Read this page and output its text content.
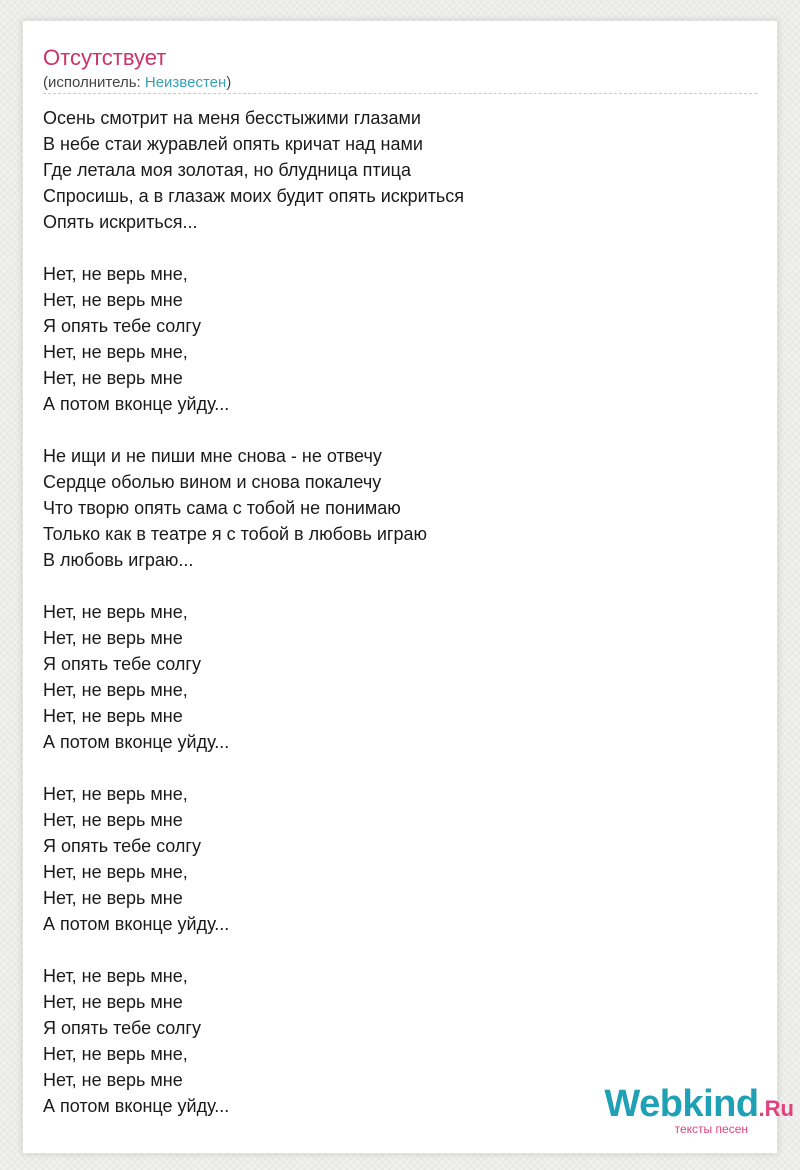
Отсутствует
(исполнитель: Неизвестен)
Осень смотрит на меня бесстыжими глазами
В небе стаи журавлей опять кричат над нами
Где летала моя золотая, но блудница птица
Спросишь, а в глазаж моих будит опять искриться
Опять искриться...
Нет, не верь мне,
Нет, не верь мне
Я опять тебе солгу
Нет, не верь мне,
Нет, не верь мне
А потом вконце уйду...
Не ищи и не пиши мне снова - не отвечу
Сердце оболью вином и снова покалечу
Что творю опять сама с тобой не понимаю
Только как в театре я с тобой в любовь играю
В любовь играю...
Нет, не верь мне,
Нет, не верь мне
Я опять тебе солгу
Нет, не верь мне,
Нет, не верь мне
А потом вконце уйду...
Нет, не верь мне,
Нет, не верь мне
Я опять тебе солгу
Нет, не верь мне,
Нет, не верь мне
А потом вконце уйду...
Нет, не верь мне,
Нет, не верь мне
Я опять тебе солгу
Нет, не верь мне,
Нет, не верь мне
А потом вконце уйду...	Webkind.Ru
тексты песен
